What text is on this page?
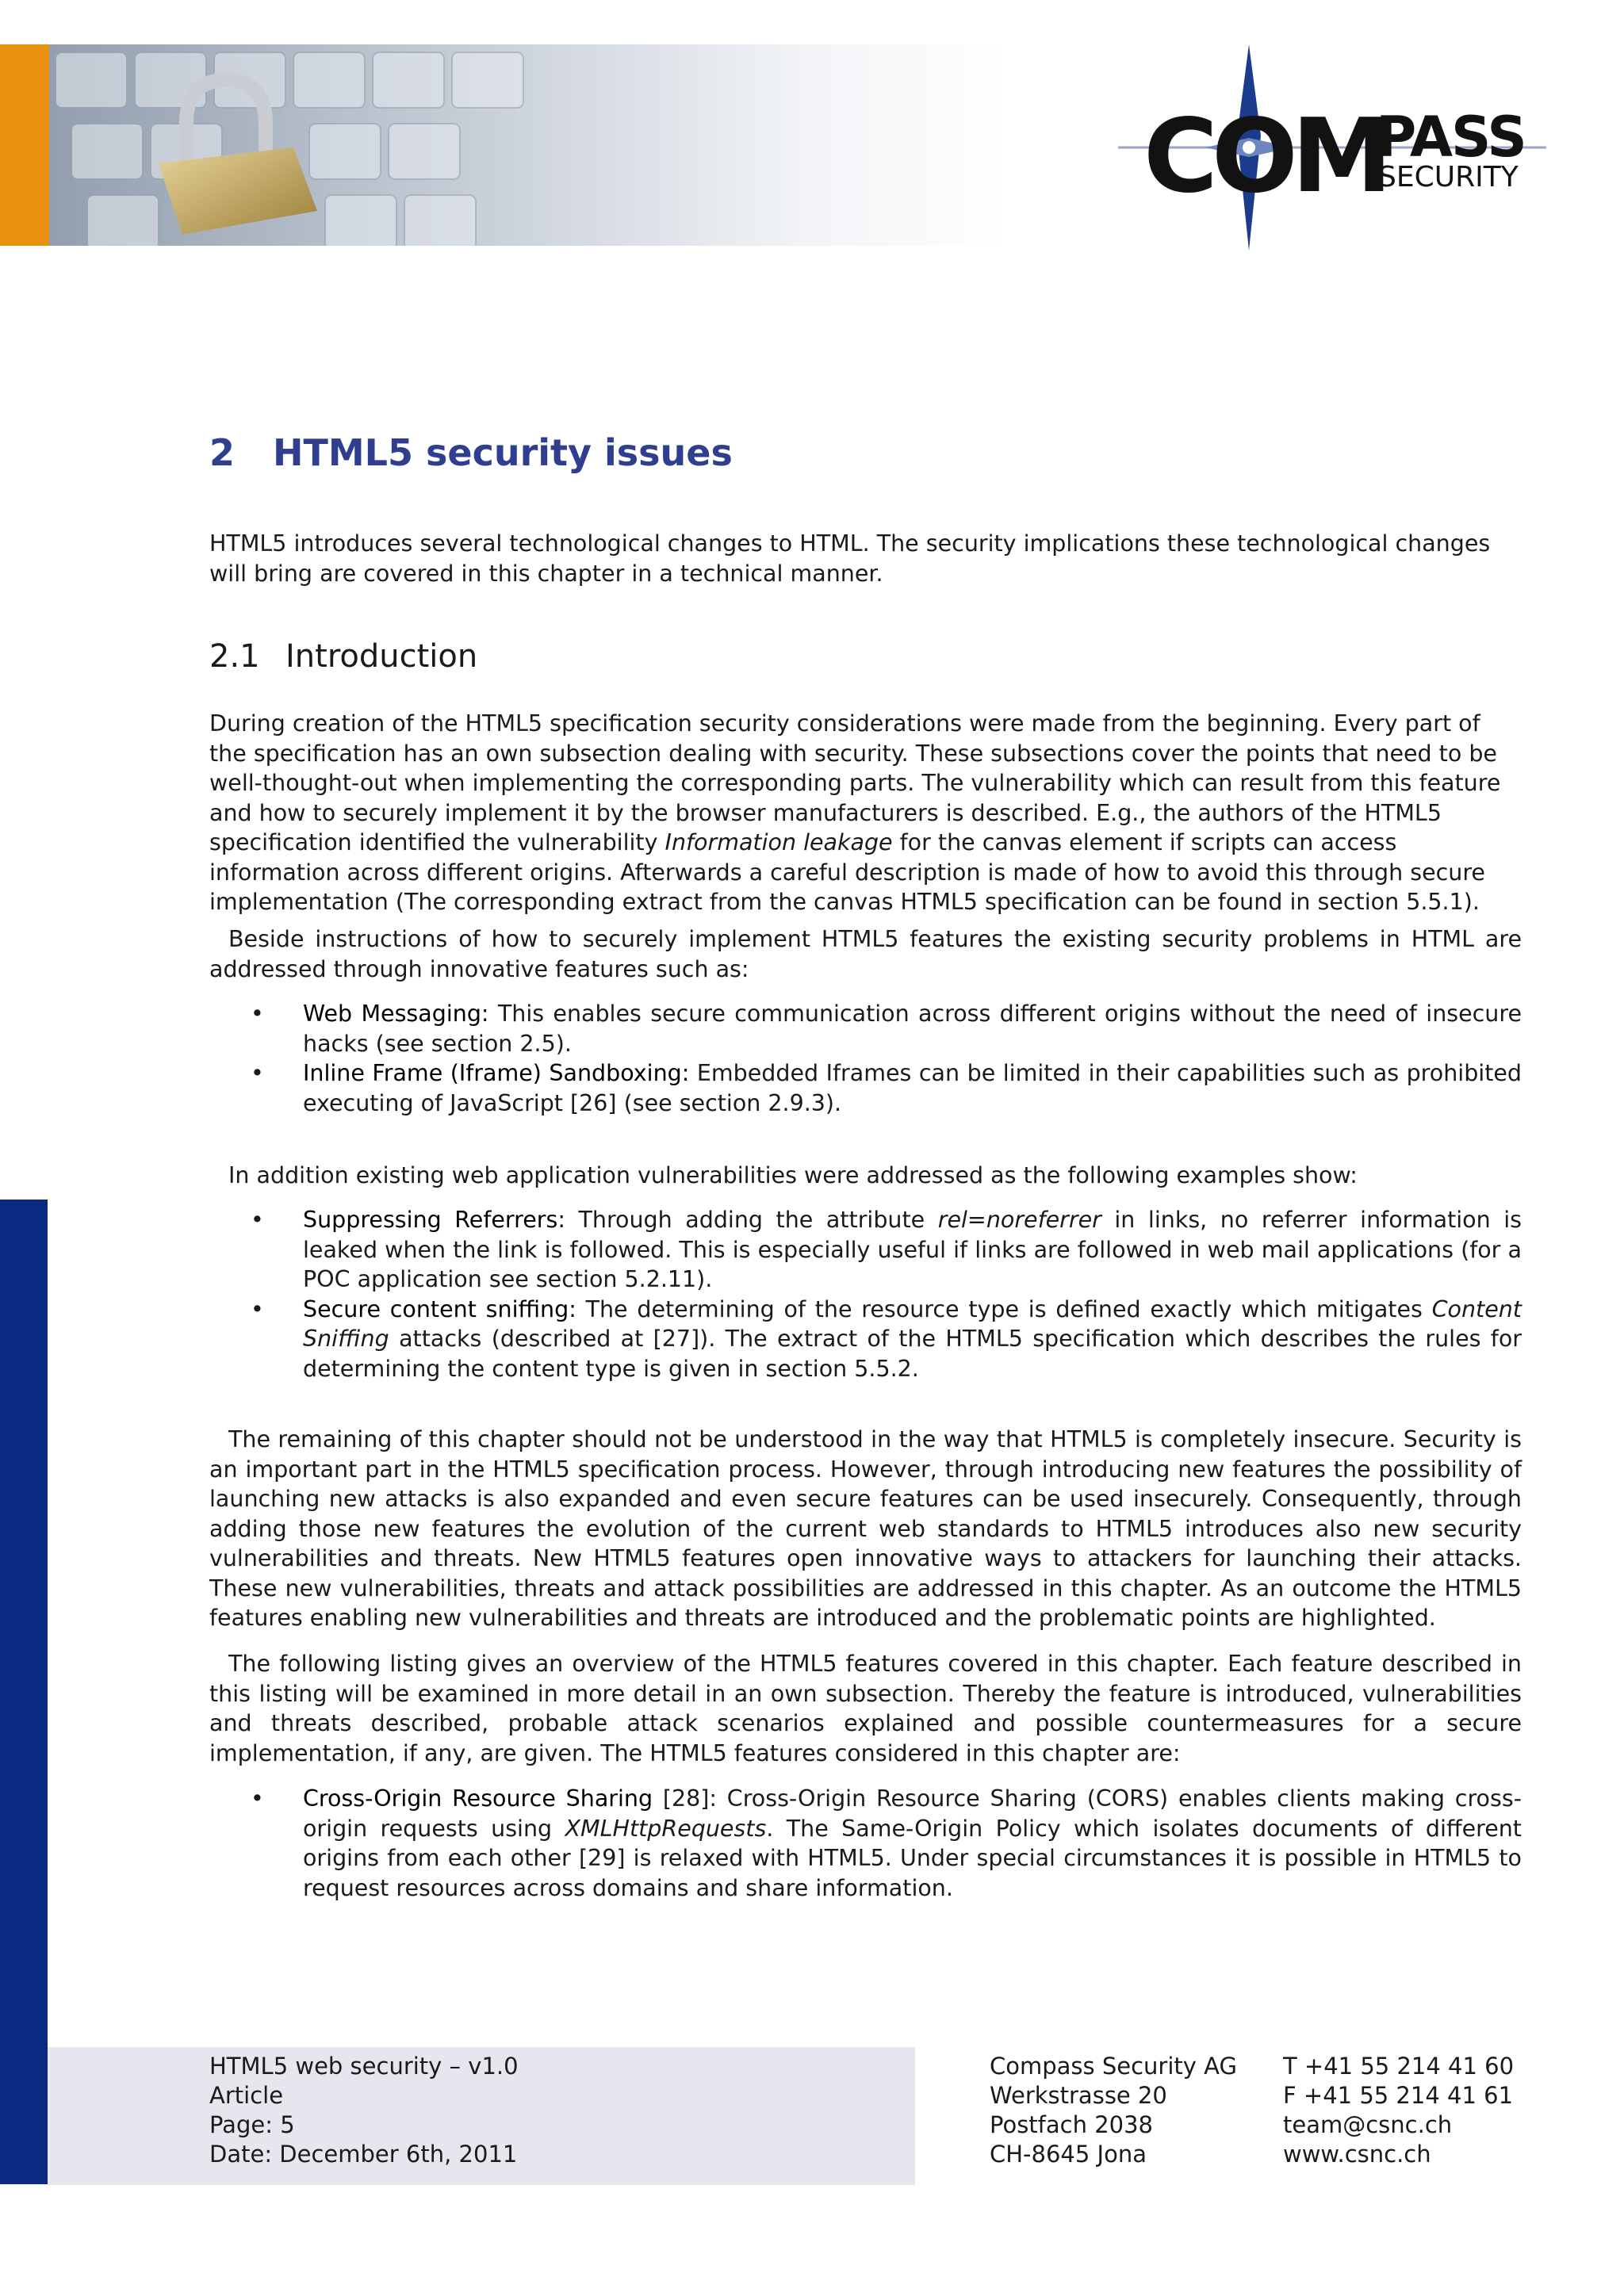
COM
PASS
SECURITY
2 HTML5 security issues

HTML5 introduces several technological changes to HTML. The security implications these technological changes will bring are covered in this chapter in a technical manner.

2.1 Introduction

During creation of the HTML5 specification security considerations were made from the beginning. Every part of the specification has an own subsection dealing with security. These subsections cover the points that need to be well-thought-out when implementing the corresponding parts. The vulnerability which can result from this feature and how to securely implement it by the browser manufacturers is described. E.g., the authors of the HTML5 specification identified the vulnerability Information leakage for the canvas element if scripts can access information across different origins. Afterwards a careful description is made of how to avoid this through secure implementation (The corresponding extract from the canvas HTML5 specification can be found in section 5.5.1).

Beside instructions of how to securely implement HTML5 features the existing security problems in HTML are addressed through innovative features such as:

• Web Messaging: This enables secure communication across different origins without the need of insecure hacks (see section 2.5).
• Inline Frame (Iframe) Sandboxing: Embedded Iframes can be limited in their capabilities such as prohibited executing of JavaScript [26] (see section 2.9.3).

In addition existing web application vulnerabilities were addressed as the following examples show:

• Suppressing Referrers: Through adding the attribute rel=noreferrer in links, no referrer information is leaked when the link is followed. This is especially useful if links are followed in web mail applications (for a POC application see section 5.2.11).
• Secure content sniffing: The determining of the resource type is defined exactly which mitigates Content Sniffing attacks (described at [27]). The extract of the HTML5 specification which describes the rules for determining the content type is given in section 5.5.2.

The remaining of this chapter should not be understood in the way that HTML5 is completely insecure. Security is an important part in the HTML5 specification process. However, through introducing new features the possibility of launching new attacks is also expanded and even secure features can be used insecurely. Consequently, through adding those new features the evolution of the current web standards to HTML5 introduces also new security vulnerabilities and threats. New HTML5 features open innovative ways to attackers for launching their attacks. These new vulnerabilities, threats and attack possibilities are addressed in this chapter. As an outcome the HTML5 features enabling new vulnerabilities and threats are introduced and the problematic points are highlighted.

The following listing gives an overview of the HTML5 features covered in this chapter. Each feature described in this listing will be examined in more detail in an own subsection. Thereby the feature is introduced, vulnerabilities and threats described, probable attack scenarios explained and possible countermeasures for a secure implementation, if any, are given. The HTML5 features considered in this chapter are:

• Cross-Origin Resource Sharing [28]: Cross-Origin Resource Sharing (CORS) enables clients making cross-origin requests using XMLHttpRequests. The Same-Origin Policy which isolates documents of different origins from each other [29] is relaxed with HTML5. Under special circumstances it is possible in HTML5 to request resources across domains and share information.
HTML5 web security – v1.0
Article
Page: 5
Date: December 6th, 2011
Compass Security AG
Werkstrasse 20
Postfach 2038
CH-8645 Jona
T +41 55 214 41 60
F +41 55 214 41 61
team@csnc.ch
www.csnc.ch
